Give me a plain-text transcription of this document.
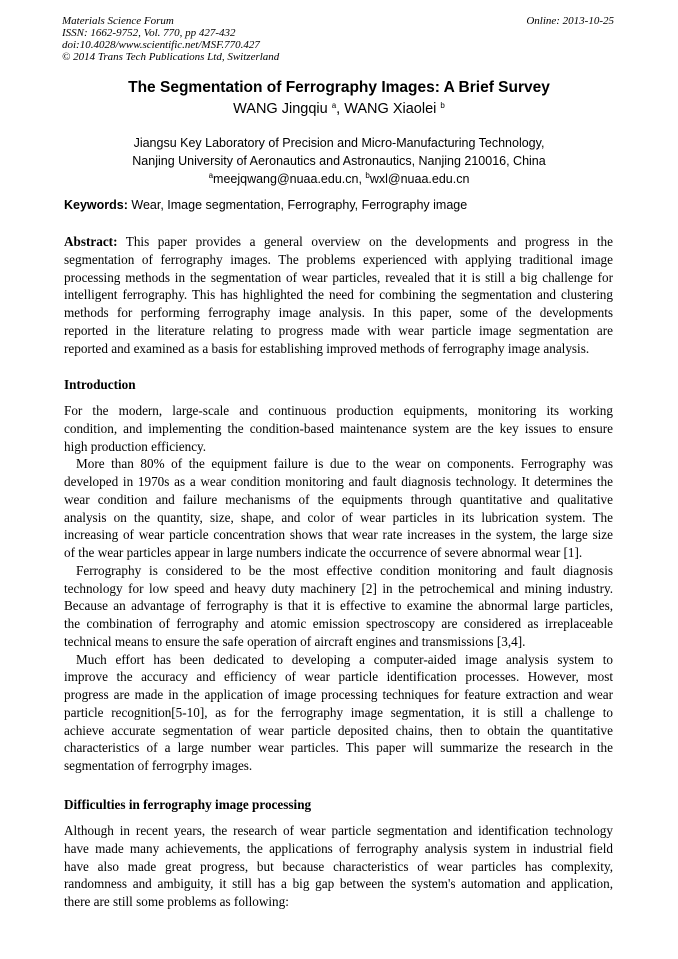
Materials Science Forum
ISSN: 1662-9752, Vol. 770, pp 427-432
doi:10.4028/www.scientific.net/MSF.770.427
© 2014 Trans Tech Publications Ltd, Switzerland
Online: 2013-10-25
The Segmentation of Ferrography Images: A Brief Survey
WANG Jingqiu $^a$, WANG Xiaolei $^b$
Jiangsu Key Laboratory of Precision and Micro-Manufacturing Technology,
Nanjing University of Aeronautics and Astronautics, Nanjing 210016, China
$^a$meejqwang@nuaa.edu.cn, $^b$wxl@nuaa.edu.cn
Keywords: Wear, Image segmentation, Ferrography, Ferrography image
Abstract: This paper provides a general overview on the developments and progress in the
segmentation of ferrography images. The problems experienced with applying traditional image
processing methods in the segmentation of wear particles, revealed that it is still a big challenge for
intelligent ferrography. This has highlighted the need for combining the segmentation and clustering
methods for performing ferrography image analysis. In this paper, some of the developments
reported in the literature relating to progress made with wear particle image segmentation are
reported and examined as a basis for establishing improved methods of ferrography image analysis.
Introduction
For the modern, large-scale and continuous production equipments, monitoring its working
condition, and implementing the condition-based maintenance system are the key issues to ensure
high production efficiency.
More than 80% of the equipment failure is due to the wear on components. Ferrography was
developed in 1970s as a wear condition monitoring and fault diagnosis technology. It determines the
wear condition and failure mechanisms of the equipments through quantitative and qualitative
analysis on the quantity, size, shape, and color of wear particles in its lubrication system. The
increasing of wear particle concentration shows that wear rate increases in the system, the large size
of the wear particles appear in large numbers indicate the occurrence of severe abnormal wear [1].
Ferrography is considered to be the most effective condition monitoring and fault diagnosis
technology for low speed and heavy duty machinery [2] in the petrochemical and mining industry.
Because an advantage of ferrography is that it is effective to examine the abnormal large particles,
the combination of ferrography and atomic emission spectroscopy are considered as irreplaceable
technical means to ensure the safe operation of aircraft engines and transmissions [3,4].
Much effort has been dedicated to developing a computer-aided image analysis system to
improve the accuracy and efficiency of wear particle identification processes. However, most
progress are made in the application of image processing techniques for feature extraction and wear
particle recognition[5-10], as for the ferrography image segmentation, it is still a challenge to
achieve accurate segmentation of wear particle deposited chains, then to obtain the quantitative
characteristics of a large number wear particles. This paper will summarize the research in the
segmentation of ferrogrphy images.
Difficulties in ferrography image processing
Although in recent years, the research of wear particle segmentation and identification technology
have made many achievements, the applications of ferrography analysis system in industrial field
have also made great progress, but because characteristics of wear particles has complexity,
randomness and ambiguity, it still has a big gap between the system's automation and application,
there are still some problems as following:
